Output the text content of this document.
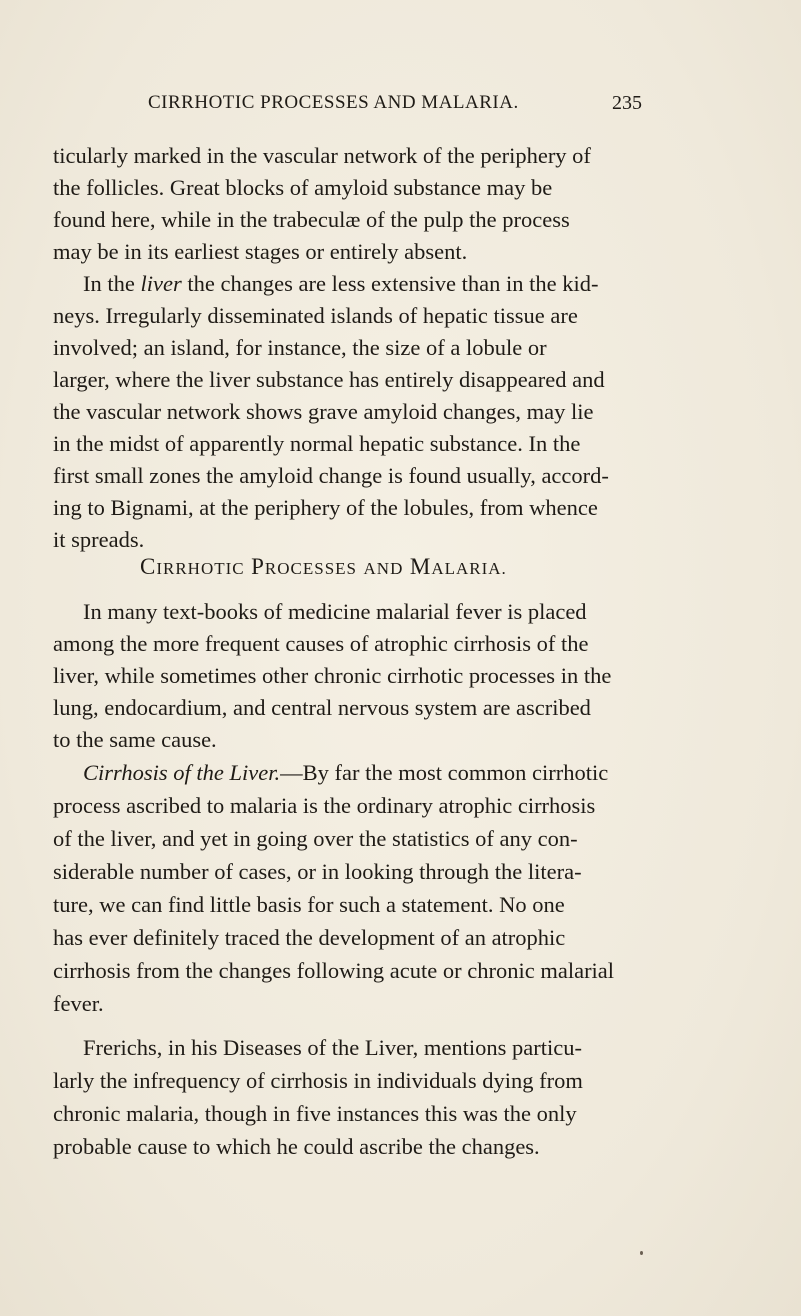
CIRRHOTIC PROCESSES AND MALARIA.	235
ticularly marked in the vascular network of the periphery of
the follicles. Great blocks of amyloid substance may be
found here, while in the trabeculæ of the pulp the process
may be in its earliest stages or entirely absent.
In the liver the changes are less extensive than in the kid-
neys. Irregularly disseminated islands of hepatic tissue are
involved; an island, for instance, the size of a lobule or
larger, where the liver substance has entirely disappeared and
the vascular network shows grave amyloid changes, may lie
in the midst of apparently normal hepatic substance. In the
first small zones the amyloid change is found usually, accord-
ing to Bignami, at the periphery of the lobules, from whence
it spreads.
CIRRHOTIC PROCESSES AND MALARIA.
In many text-books of medicine malarial fever is placed
among the more frequent causes of atrophic cirrhosis of the
liver, while sometimes other chronic cirrhotic processes in the
lung, endocardium, and central nervous system are ascribed
to the same cause.
Cirrhosis of the Liver.—By far the most common cirrhotic
process ascribed to malaria is the ordinary atrophic cirrhosis
of the liver, and yet in going over the statistics of any con-
siderable number of cases, or in looking through the litera-
ture, we can find little basis for such a statement. No one
has ever definitely traced the development of an atrophic
cirrhosis from the changes following acute or chronic malarial
fever.
Frerichs, in his Diseases of the Liver, mentions particu-
larly the infrequency of cirrhosis in individuals dying from
chronic malaria, though in five instances this was the only
probable cause to which he could ascribe the changes.
